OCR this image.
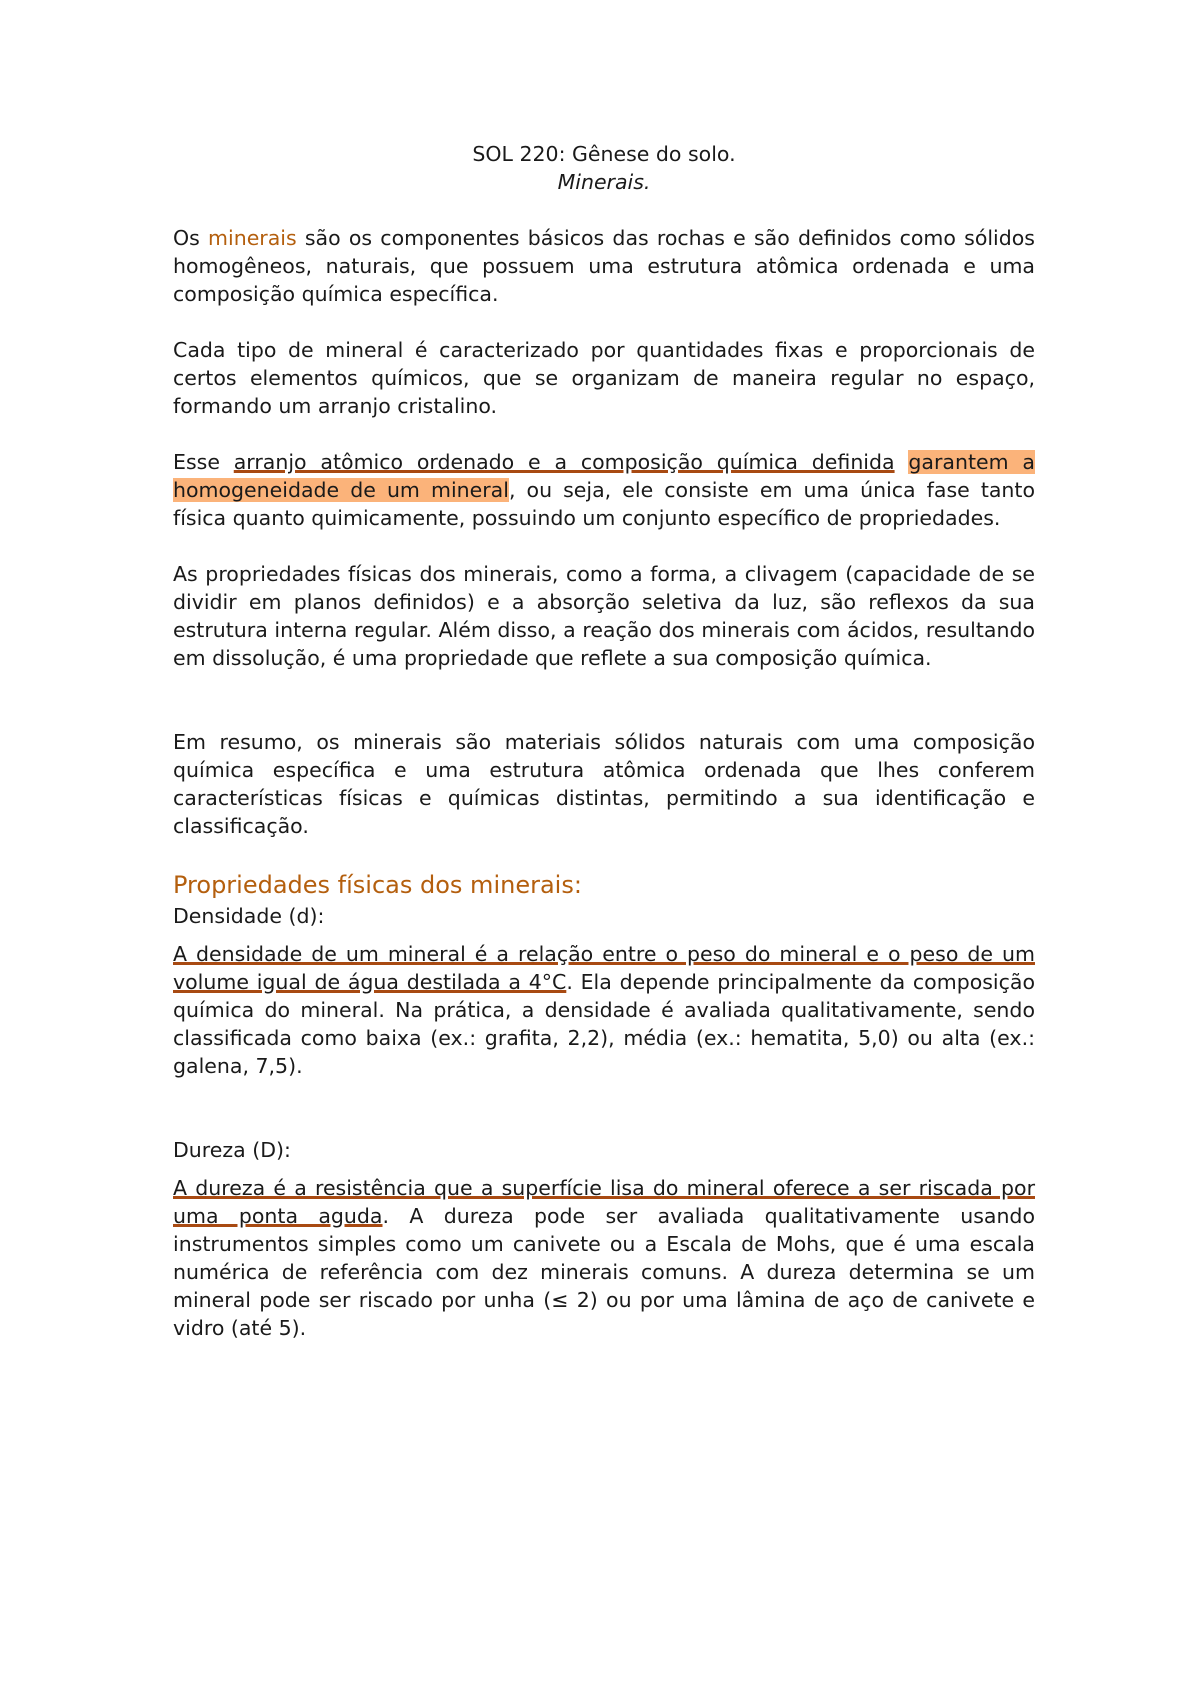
SOL 220: Gênese do solo.
Minerais.

Os minerais são os componentes básicos das rochas e são definidos como sólidos homogêneos, naturais, que possuem uma estrutura atômica ordenada e uma composição química específica.

Cada tipo de mineral é caracterizado por quantidades fixas e proporcionais de certos elementos químicos, que se organizam de maneira regular no espaço, formando um arranjo cristalino.

Esse arranjo atômico ordenado e a composição química definida garantem a homogeneidade de um mineral, ou seja, ele consiste em uma única fase tanto física quanto quimicamente, possuindo um conjunto específico de propriedades.

As propriedades físicas dos minerais, como a forma, a clivagem (capacidade de se dividir em planos definidos) e a absorção seletiva da luz, são reflexos da sua estrutura interna regular. Além disso, a reação dos minerais com ácidos, resultando em dissolução, é uma propriedade que reflete a sua composição química.

Em resumo, os minerais são materiais sólidos naturais com uma composição química específica e uma estrutura atômica ordenada que lhes conferem características físicas e químicas distintas, permitindo a sua identificação e classificação.

Propriedades físicas dos minerais:
Densidade (d):

A densidade de um mineral é a relação entre o peso do mineral e o peso de um volume igual de água destilada a 4°C. Ela depende principalmente da composição química do mineral. Na prática, a densidade é avaliada qualitativamente, sendo classificada como baixa (ex.: grafita, 2,2), média (ex.: hematita, 5,0) ou alta (ex.: galena, 7,5).

Dureza (D):

A dureza é a resistência que a superfície lisa do mineral oferece a ser riscada por uma ponta aguda. A dureza pode ser avaliada qualitativamente usando instrumentos simples como um canivete ou a Escala de Mohs, que é uma escala numérica de referência com dez minerais comuns. A dureza determina se um mineral pode ser riscado por unha (≤ 2) ou por uma lâmina de aço de canivete e vidro (até 5).
